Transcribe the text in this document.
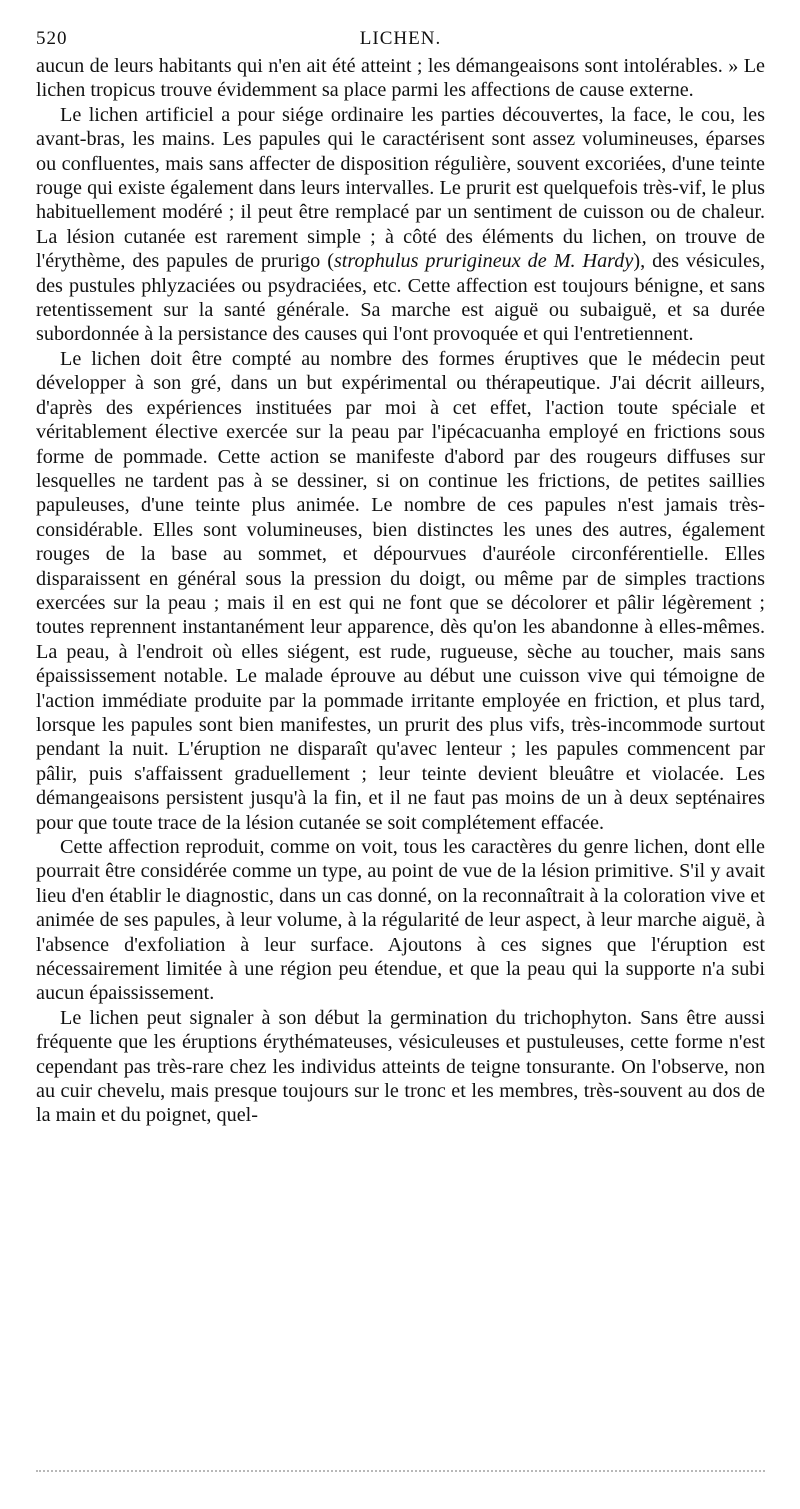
520	LICHEN.

aucun de leurs habitants qui n'en ait été atteint ; les démangeaisons sont intolérables. » Le lichen tropicus trouve évidemment sa place parmi les affections de cause externe.

Le lichen artificiel a pour siége ordinaire les parties découvertes, la face, le cou, les avant-bras, les mains. Les papules qui le caractérisent sont assez volumineuses, éparses ou confluentes, mais sans affecter de disposition régulière, souvent excoriées, d'une teinte rouge qui existe également dans leurs intervalles. Le prurit est quelquefois très-vif, le plus habituellement modéré ; il peut être remplacé par un sentiment de cuisson ou de chaleur. La lésion cutanée est rarement simple ; à côté des éléments du lichen, on trouve de l'érythème, des papules de prurigo (strophulus prurigineux de M. Hardy), des vésicules, des pustules phlyzaciées ou psydraciées, etc. Cette affection est toujours bénigne, et sans retentissement sur la santé générale. Sa marche est aiguë ou subaiguë, et sa durée subordonnée à la persistance des causes qui l'ont provoquée et qui l'entretiennent.

Le lichen doit être compté au nombre des formes éruptives que le médecin peut développer à son gré, dans un but expérimental ou thérapeutique. J'ai décrit ailleurs, d'après des expériences instituées par moi à cet effet, l'action toute spéciale et véritablement élective exercée sur la peau par l'ipécacuanha employé en frictions sous forme de pommade. Cette action se manifeste d'abord par des rougeurs diffuses sur lesquelles ne tardent pas à se dessiner, si on continue les frictions, de petites saillies papuleuses, d'une teinte plus animée. Le nombre de ces papules n'est jamais très-considérable. Elles sont volumineuses, bien distinctes les unes des autres, également rouges de la base au sommet, et dépourvues d'auréole circonférentielle. Elles disparaissent en général sous la pression du doigt, ou même par de simples tractions exercées sur la peau ; mais il en est qui ne font que se décolorer et pâlir légèrement ; toutes reprennent instantanément leur apparence, dès qu'on les abandonne à elles-mêmes. La peau, à l'endroit où elles siégent, est rude, rugueuse, sèche au toucher, mais sans épaississement notable. Le malade éprouve au début une cuisson vive qui témoigne de l'action immédiate produite par la pommade irritante employée en friction, et plus tard, lorsque les papules sont bien manifestes, un prurit des plus vifs, très-incommode surtout pendant la nuit. L'éruption ne disparaît qu'avec lenteur ; les papules commencent par pâlir, puis s'affaissent graduellement ; leur teinte devient bleuâtre et violacée. Les démangeaisons persistent jusqu'à la fin, et il ne faut pas moins de un à deux septénaires pour que toute trace de la lésion cutanée se soit complétement effacée.

Cette affection reproduit, comme on voit, tous les caractères du genre lichen, dont elle pourrait être considérée comme un type, au point de vue de la lésion primitive. S'il y avait lieu d'en établir le diagnostic, dans un cas donné, on la reconnaîtrait à la coloration vive et animée de ses papules, à leur volume, à la régularité de leur aspect, à leur marche aiguë, à l'absence d'exfoliation à leur surface. Ajoutons à ces signes que l'éruption est nécessairement limitée à une région peu étendue, et que la peau qui la supporte n'a subi aucun épaississement.

Le lichen peut signaler à son début la germination du trichophyton. Sans être aussi fréquente que les éruptions érythémateuses, vésiculeuses et pustuleuses, cette forme n'est cependant pas très-rare chez les individus atteints de teigne tonsurante. On l'observe, non au cuir chevelu, mais presque toujours sur le tronc et les membres, très-souvent au dos de la main et du poignet, quel-
